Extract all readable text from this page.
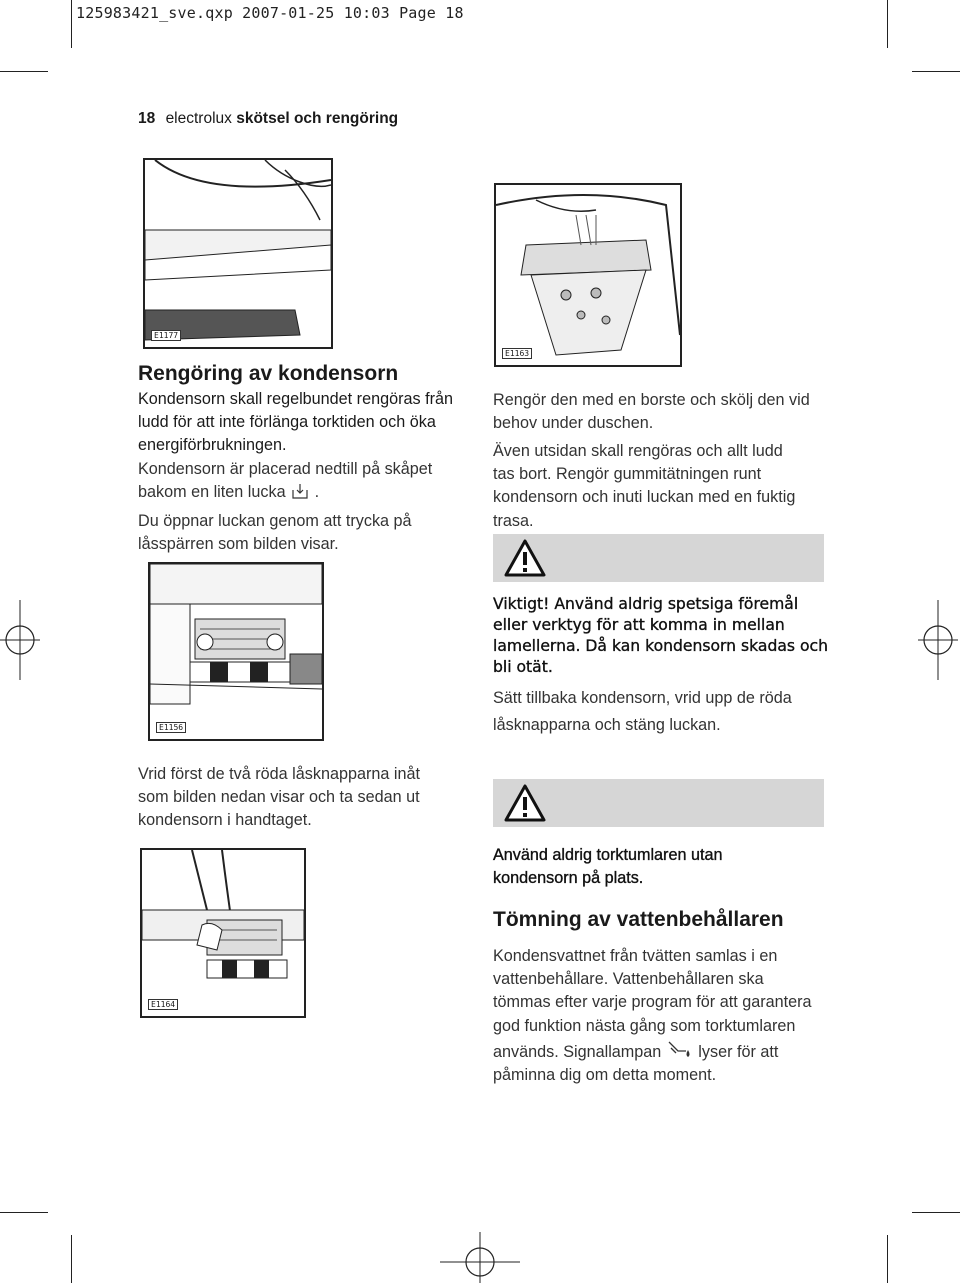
125983421_sve.qxp 2007-01-25 10:03 Page 18
18 electrolux skötsel och rengöring
E1177
E1163
Rengöring av kondensorn
Kondensorn skall regelbundet rengöras från ludd för att inte förlänga torktiden och öka energiförbrukningen.
Kondensorn är placerad nedtill på skåpet bakom en liten lucka .
Du öppnar luckan genom att trycka på låsspärren som bilden visar.
E1156
Vrid först de två röda låsknapparna inåt som bilden nedan visar och ta sedan ut kondensorn i handtaget.
E1164
Rengör den med en borste och skölj den vid behov under duschen.
Även utsidan skall rengöras och allt ludd tas bort. Rengör gummitätningen runt kondensorn och inuti luckan med en fuktig trasa.
Viktigt! Använd aldrig spetsiga föremål eller verktyg för att komma in mellan lamellerna. Då kan kondensorn skadas och bli otät.
Sätt tillbaka kondensorn, vrid upp de röda låsknapparna och stäng luckan.
Använd aldrig torktumlaren utan kondensorn på plats.
Tömning av vattenbehållaren
Kondensvattnet från tvätten samlas i en vattenbehållare. Vattenbehållaren ska tömmas efter varje program för att garantera god funktion nästa gång som torktumlaren används. Signallampan lyser för att påminna dig om detta moment.
